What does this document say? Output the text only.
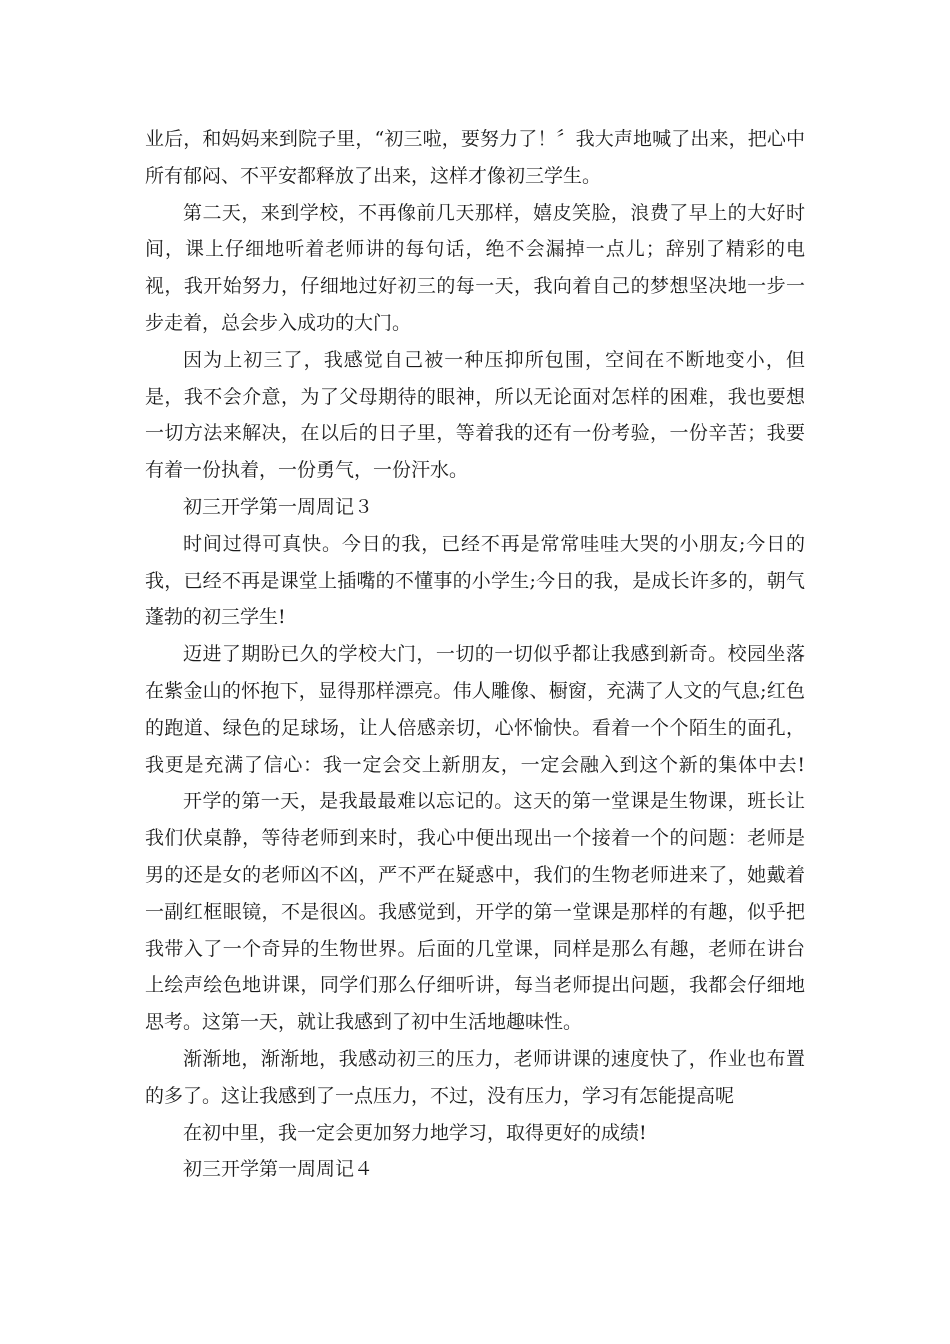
业后，和妈妈来到院子里，“初三啦，要努力了！〞我大声地喊了出来，把心中
所有郁闷、不平安都释放了出来，这样才像初三学生。
第二天，来到学校，不再像前几天那样，嬉皮笑脸，浪费了早上的大好时
间，课上仔细地听着老师讲的每句话，绝不会漏掉一点儿；辞别了精彩的电
视，我开始努力，仔细地过好初三的每一天，我向着自己的梦想坚决地一步一
步走着，总会步入成功的大门。
因为上初三了，我感觉自己被一种压抑所包围，空间在不断地变小，但
是，我不会介意，为了父母期待的眼神，所以无论面对怎样的困难，我也要想
一切方法来解决，在以后的日子里，等着我的还有一份考验，一份辛苦；我要
有着一份执着，一份勇气，一份汗水。
初三开学第一周周记３
时间过得可真快。今日的我，已经不再是常常哇哇大哭的小朋友;今日的
我，已经不再是课堂上插嘴的不懂事的小学生;今日的我，是成长许多的，朝气
蓬勃的初三学生!
迈进了期盼已久的学校大门，一切的一切似乎都让我感到新奇。校园坐落
在紫金山的怀抱下，显得那样漂亮。伟人雕像、橱窗，充满了人文的气息;红色
的跑道、绿色的足球场，让人倍感亲切，心怀愉快。看着一个个陌生的面孔，
我更是充满了信心：我一定会交上新朋友，一定会融入到这个新的集体中去!
开学的第一天，是我最最难以忘记的。这天的第一堂课是生物课，班长让
我们伏桌静，等待老师到来时，我心中便出现出一个接着一个的问题：老师是
男的还是女的老师凶不凶，严不严在疑惑中，我们的生物老师进来了，她戴着
一副红框眼镜，不是很凶。我感觉到，开学的第一堂课是那样的有趣，似乎把
我带入了一个奇异的生物世界。后面的几堂课，同样是那么有趣，老师在讲台
上绘声绘色地讲课，同学们那么仔细听讲，每当老师提出问题，我都会仔细地
思考。这第一天，就让我感到了初中生活地趣味性。
渐渐地，渐渐地，我感动初三的压力，老师讲课的速度快了，作业也布置
的多了。这让我感到了一点压力，不过，没有压力，学习有怎能提高呢
在初中里，我一定会更加努力地学习，取得更好的成绩!
初三开学第一周周记４
